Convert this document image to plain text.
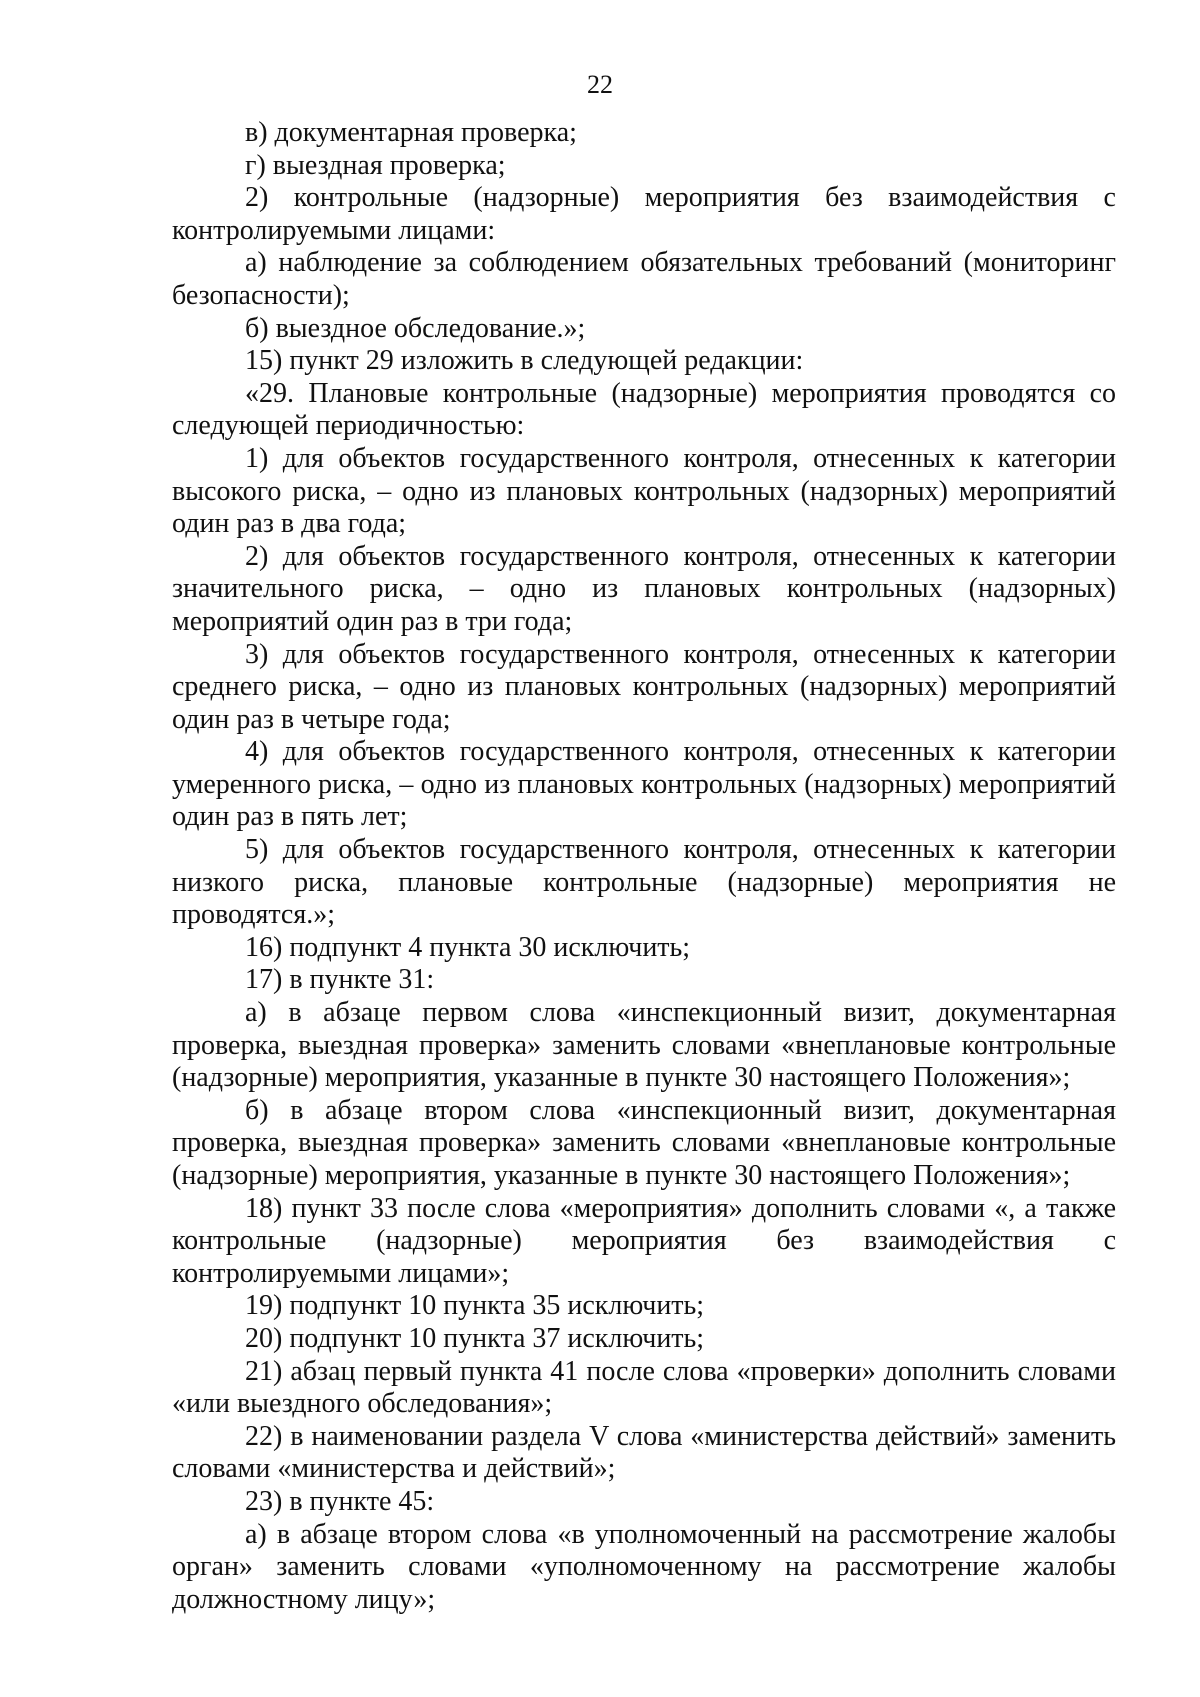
22

в) документарная проверка;

г) выездная проверка;

2) контрольные (надзорные) мероприятия без взаимодействия с контролируемыми лицами:

а) наблюдение за соблюдением обязательных требований (мониторинг безопасности);

б) выездное обследование.»;

15) пункт 29 изложить в следующей редакции:

«29. Плановые контрольные (надзорные) мероприятия проводятся со следующей периодичностью:

1) для объектов государственного контроля, отнесенных к категории высокого риска, – одно из плановых контрольных (надзорных) мероприятий один раз в два года;

2) для объектов государственного контроля, отнесенных к категории значительного риска, – одно из плановых контрольных (надзорных) мероприятий один раз в три года;

3) для объектов государственного контроля, отнесенных к категории среднего риска, – одно из плановых контрольных (надзорных) мероприятий один раз в четыре года;

4) для объектов государственного контроля, отнесенных к категории умеренного риска, – одно из плановых контрольных (надзорных) мероприятий один раз в пять лет;

5) для объектов государственного контроля, отнесенных к категории низкого риска, плановые контрольные (надзорные) мероприятия не проводятся.»;

16) подпункт 4 пункта 30 исключить;

17) в пункте 31:

а) в абзаце первом слова «инспекционный визит, документарная проверка, выездная проверка» заменить словами «внеплановые контрольные (надзорные) мероприятия, указанные в пункте 30 настоящего Положения»;

б) в абзаце втором слова «инспекционный визит, документарная проверка, выездная проверка» заменить словами «внеплановые контрольные (надзорные) мероприятия, указанные в пункте 30 настоящего Положения»;

18) пункт 33 после слова «мероприятия» дополнить словами «, а также контрольные (надзорные) мероприятия без взаимодействия с контролируемыми лицами»;

19) подпункт 10 пункта 35 исключить;

20) подпункт 10 пункта 37 исключить;

21) абзац первый пункта 41 после слова «проверки» дополнить словами «или выездного обследования»;

22) в наименовании раздела V слова «министерства действий» заменить словами «министерства и действий»;

23) в пункте 45:

а) в абзаце втором слова «в уполномоченный на рассмотрение жалобы орган» заменить словами «уполномоченному на рассмотрение жалобы должностному лицу»;
